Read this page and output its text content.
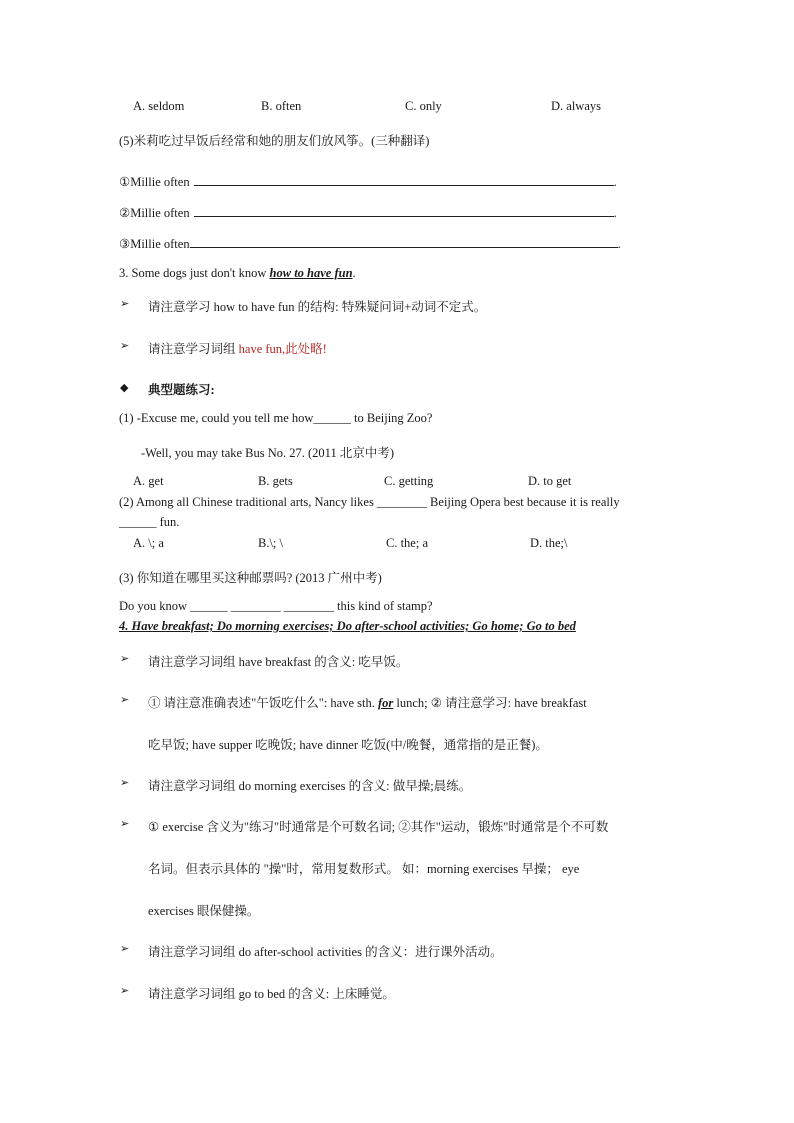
A. seldom	B. often	C. only	D. always
(5)米莉吃过早饭后经常和她的朋友们放风筝。(三种翻译)
①Millie often	.
②Millie often	.
③Millie often	.
3. Some dogs just don't know how to have fun.
➢ 请注意学习 how to have fun 的结构: 特殊疑问词+动词不定式。
➢ 请注意学习词组 have fun,此处略!
◆ 典型题练习:
(1) -Excuse me, could you tell me how______ to Beijing Zoo?
-Well, you may take Bus No. 27. (2011 北京中考)
A. get	B. gets	C. getting	D. to get
(2) Among all Chinese traditional arts, Nancy likes ________ Beijing Opera best because it is really
______ fun.
A. \; a	B.\; \	C. the; a	D. the;\
(3) 你知道在哪里买这种邮票吗? (2013 广州中考)
Do you know ______ ________ ________ this kind of stamp?
4. Have breakfast; Do morning exercises; Do after-school activities; Go home; Go to bed
➢ 请注意学习词组 have breakfast 的含义: 吃早饭。
➢ ① 请注意准确表述"午饭吃什么": have sth. for lunch; ② 请注意学习: have breakfast
吃早饭; have supper 吃晚饭; have dinner 吃饭(中/晚餐，通常指的是正餐)。
➢ 请注意学习词组 do morning exercises 的含义: 做早操;晨练。
➢ ① exercise 含义为"练习"时通常是个可数名词; ②其作"运动，锻炼"时通常是个不可数
名词。但表示具体的 "操"时，常用复数形式。 如：morning exercises 早操； eye
exercises 眼保健操。
➢ 请注意学习词组 do after-school activities 的含义：进行课外活动。
➢ 请注意学习词组 go to bed 的含义: 上床睡觉。
